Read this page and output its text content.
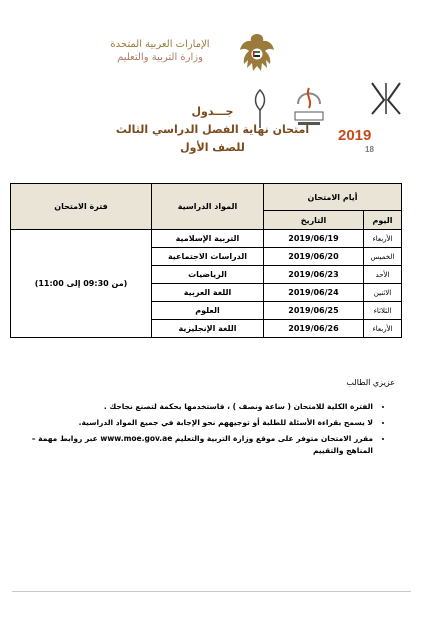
الإمارات العربية المتحدة
وزارة التربية والتعليم
2019
18
جـــدول
امتحان نهاية الفصل الدراسي الثالث
للصف الأول
أيام الامتحان		المواد الدراسية	فترة الامتحان
اليوم	التاريخ		
الأربعاء	2019/06/19	التربية الإسلامية	(من 09:30 إلى 11:00)
الخميس	2019/06/20	الدراسات الاجتماعية	
الأحد	2019/06/23	الرياضيات	
الاثنين	2019/06/24	اللغة العربية	
الثلاثاء	2019/06/25	العلوم	
الأربعاء	2019/06/26	اللغة الإنجليزية	

عزيزي الطالب

• الفترة الكلية للامتحان ( ساعة ونصف ) ، فاستخدمها بحكمة لتصنع نجاحك .
• لا يسمح بقراءة الأسئلة للطلبة أو توجيههم نحو الإجابة في جميع المواد الدراسية.
• مقرر الامتحان متوفر على موقع وزارة التربية والتعليم www.moe.gov.ae عبر روابط مهمة – المناهج والتقييم
